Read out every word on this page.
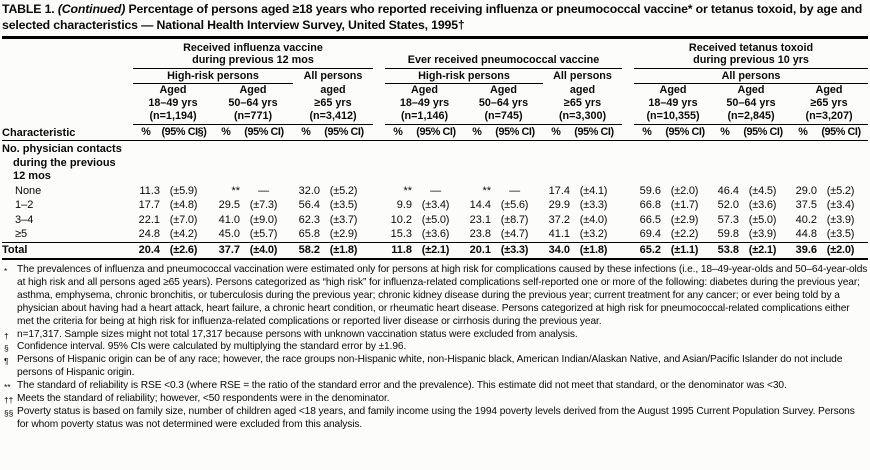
TABLE 1. (Continued) Percentage of persons aged ≥18 years who reported receiving influenza or pneumococcal vaccine* or tetanus toxoid, by age and selected characteristics — National Health Interview Survey, United States, 1995†
Characteristic	
Received influenza vaccine
during previous 12 mos		Ever received pneumococcal vaccine

Received tetanus toxoid
during previous 10 yrs

	High-risk persons		All persons		High-risk persons		All persons		All persons		
	Aged	Aged	aged		Aged	Aged	aged		Aged	Aged	Aged
	18–49 yrs	50–64 yrs	≥65 yrs		18–49 yrs	50–64 yrs	≥65 yrs		18–49 yrs	50–64 yrs	≥65 yrs
	(n=1,194)	(n=771)	(n=3,412)		(n=1,146)	(n=745)	(n=3,300)		(n=10,355)	(n=2,845)	(n=3,207)
	% (95% CI§)	% (95% CI)	% (95% CI)		% (95% CI)	% (95% CI)	% (95% CI)		% (95% CI)	% (95% CI)	% (95% CI)

No. physician contacts
during the previous
12 mos											

None	11.3 (±5.9)	** —	32.0 (±5.2)		** —	** —	17.4 (±4.1)		59.6 (±2.0)	46.4 (±4.5)	29.0 (±5.2)
1–2	17.7 (±4.8)	29.5 (±7.3)	56.4 (±3.5)		9.9 (±3.4)	14.4 (±5.6)	29.9 (±3.3)		66.8 (±1.7)	52.0 (±3.6)	37.5 (±3.4)
3–4	22.1 (±7.0)	41.0 (±9.0)	62.3 (±3.7)		10.2 (±5.0)	23.1 (±8.7)	37.2 (±4.0)		66.5 (±2.9)	57.3 (±5.0)	40.2 (±3.9)
≥5	24.8 (±4.2)	45.0 (±5.7)	65.8 (±2.9)		15.3 (±3.6)	23.8 (±4.7)	41.1 (±3.2)		69.4 (±2.2)	59.8 (±3.9)	44.8 (±3.5)
Total	20.4 (±2.6)	37.7 (±4.0)	58.2 (±1.8)		11.8 (±2.1)	20.1 (±3.3)	34.0 (±1.8)		65.2 (±1.1)	53.8 (±2.1)	39.6 (±2.0)
* The prevalences of influenza and pneumococcal vaccination were estimated only for persons at high risk for complications caused by these infections (i.e., 18–49-year-olds and 50–64-year-olds at high risk and all persons aged ≥65 years). Persons categorized as “high risk” for influenza-related complications self-reported one or more of the following: diabetes during the previous year; asthma, emphysema, chronic bronchitis, or tuberculosis during the previous year; chronic kidney disease during the previous year; current treatment for any cancer; or ever being told by a physician about having had a heart attack, heart failure, a chronic heart condition, or rheumatic heart disease. Persons categorized at high risk for pneumococcal-related complications either met the criteria for being at high risk for influenza-related complications or reported liver disease or cirrhosis during the previous year.
† n=17,317. Sample sizes might not total 17,317 because persons with unknown vaccination status were excluded from analysis.
§ Confidence interval. 95% CIs were calculated by multiplying the standard error by ±1.96.
¶ Persons of Hispanic origin can be of any race; however, the race groups non-Hispanic white, non-Hispanic black, American Indian/Alaskan Native, and Asian/Pacific Islander do not include persons of Hispanic origin.
** The standard of reliability is RSE <0.3 (where RSE = the ratio of the standard error and the prevalence). This estimate did not meet that standard, or the denominator was <30.
†† Meets the standard of reliability; however, <50 respondents were in the denominator.
§§ Poverty status is based on family size, number of children aged <18 years, and family income using the 1994 poverty levels derived from the August 1995 Current Population Survey. Persons for whom poverty status was not determined were excluded from this analysis.
